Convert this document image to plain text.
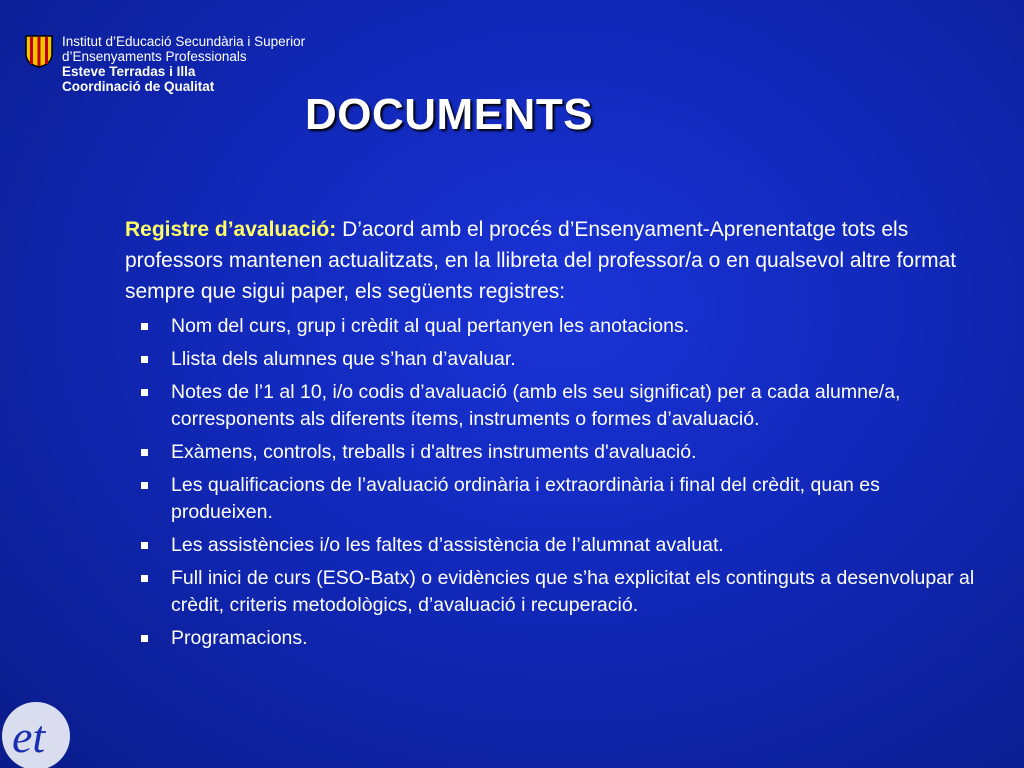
Institut d’Educació Secundària i Superior
d’Ensenyaments Professionals
Esteve Terradas i Illa
Coordinació de Qualitat
DOCUMENTS

Registre d’avaluació: D’acord amb el procés d’Ensenyament-Aprenentatge tots els professors mantenen actualitzats, en la llibreta del professor/a o en qualsevol altre format sempre que sigui paper, els següents registres:

Nom del curs, grup i crèdit al qual pertanyen les anotacions.
Llista dels alumnes que s’han d’avaluar.
Notes de l’1 al 10, i/o codis d’avaluació (amb els seu significat) per a cada alumne/a, corresponents als diferents ítems, instruments o formes d’avaluació.
Exàmens, controls, treballs i d'altres instruments d'avaluació.
Les qualificacions de l’avaluació ordinària i extraordinària i final del crèdit, quan es produeixen.
Les assistències i/o les faltes d’assistència de l’alumnat avaluat.
Full inici de curs (ESO-Batx) o evidències que s’ha explicitat els continguts a desenvolupar al crèdit, criteris metodològics, d’avaluació i recuperació.
Programacions.
et
